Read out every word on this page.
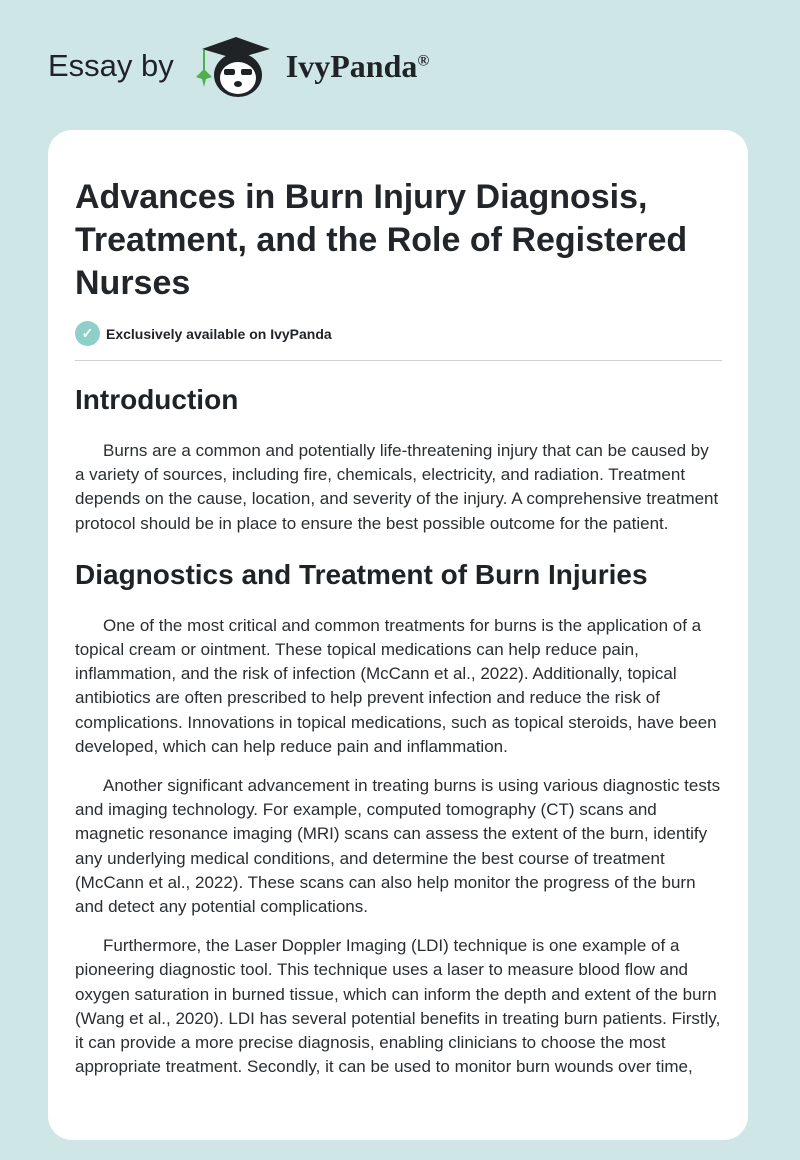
Essay by	IvyPanda®
Advances in Burn Injury Diagnosis, Treatment, and the Role of Registered Nurses
✓ Exclusively available on IvyPanda
Introduction

Burns are a common and potentially life-threatening injury that can be caused by a variety of sources, including fire, chemicals, electricity, and radiation. Treatment depends on the cause, location, and severity of the injury. A comprehensive treatment protocol should be in place to ensure the best possible outcome for the patient.

Diagnostics and Treatment of Burn Injuries

One of the most critical and common treatments for burns is the application of a topical cream or ointment. These topical medications can help reduce pain, inflammation, and the risk of infection (McCann et al., 2022). Additionally, topical antibiotics are often prescribed to help prevent infection and reduce the risk of complications. Innovations in topical medications, such as topical steroids, have been developed, which can help reduce pain and inflammation.

Another significant advancement in treating burns is using various diagnostic tests and imaging technology. For example, computed tomography (CT) scans and magnetic resonance imaging (MRI) scans can assess the extent of the burn, identify any underlying medical conditions, and determine the best course of treatment (McCann et al., 2022). These scans can also help monitor the progress of the burn and detect any potential complications.

Furthermore, the Laser Doppler Imaging (LDI) technique is one example of a pioneering diagnostic tool. This technique uses a laser to measure blood flow and oxygen saturation in burned tissue, which can inform the depth and extent of the burn (Wang et al., 2020). LDI has several potential benefits in treating burn patients. Firstly, it can provide a more precise diagnosis, enabling clinicians to choose the most appropriate treatment. Secondly, it can be used to monitor burn wounds over time,
